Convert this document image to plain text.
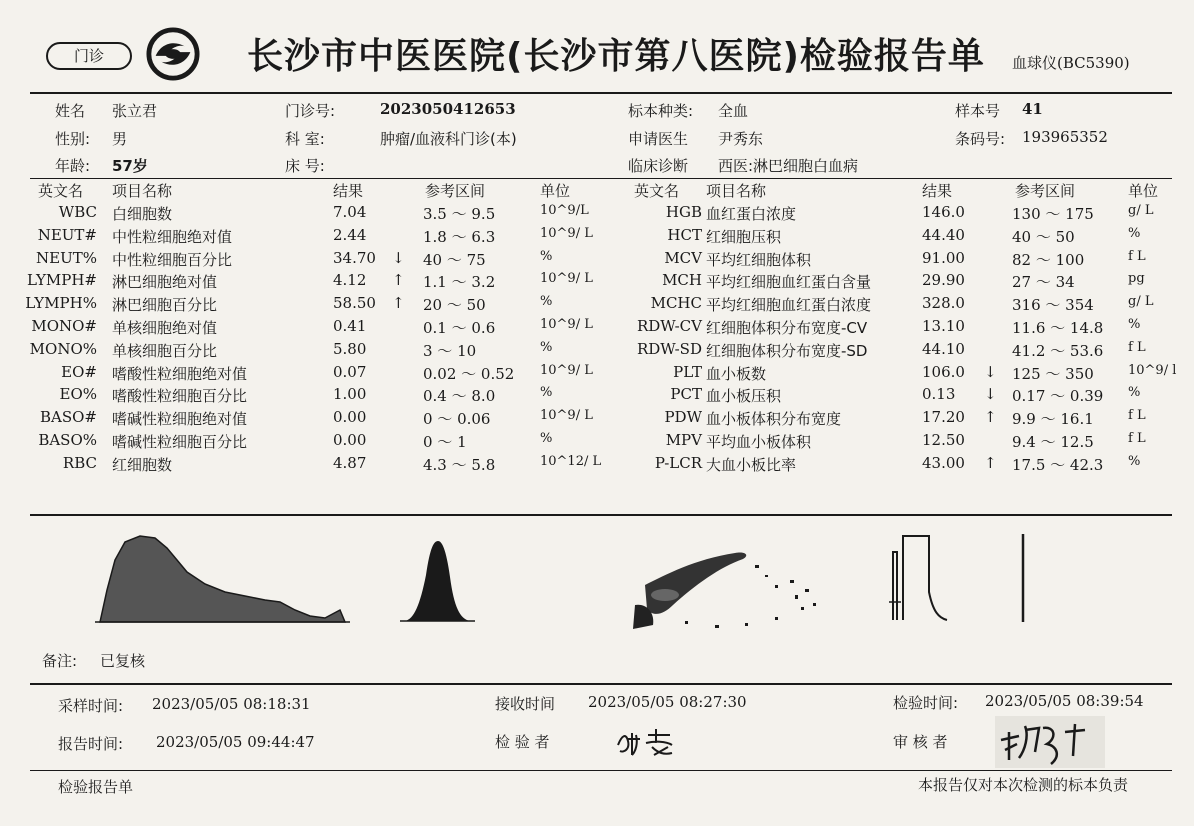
门诊	长沙市中医医院(长沙市第八医院)检验报告单 血球仪(BC5390)
姓名 张立君
性别: 男
年龄: 57岁
门诊号:	2023050412653
科 室:	肿瘤/血液科门诊(本)
床 号:
标本种类: 全血
申请医生 尹秀东
临床诊断 西医:淋巴细胞白血病
样本号 41
条码号: 193965352
英文名 项目名称	结果	参考区间	单位	英文名 项目名称	结果	参考区间	单位
WBC 白细胞数	7.04	3.5 ～ 9.5	10^9/L
NEUT# 中性粒细胞绝对值	2.44	1.8 ～ 6.3	10^9/ L
NEUT% 中性粒细胞百分比	34.70 ↓ 40 ～ 75	%
LYMPH# 淋巴细胞绝对值	4.12 ↑ 1.1 ～ 3.2	10^9/ L
LYMPH% 淋巴细胞百分比	58.50 ↑ 20 ～ 50	%
MONO# 单核细胞绝对值	0.41	0.1 ～ 0.6	10^9/ L
MONO% 单核细胞百分比	5.80	3 ～ 10	%
EO# 嗜酸性粒细胞绝对值	0.07	0.02 ～ 0.52 10^9/ L
EO% 嗜酸性粒细胞百分比	1.00	0.4 ～ 8.0	%
BASO# 嗜碱性粒细胞绝对值	0.00	0 ～ 0.06	10^9/ L
BASO% 嗜碱性粒细胞百分比	0.00	0 ～ 1	%
RBC 红细胞数	4.87	4.3 ～ 5.8	10^12/ L
HGB 血红蛋白浓度	146.0	130 ～ 175	g/ L
HCT 红细胞压积	44.40	40 ～ 50	%
MCV 平均红细胞体积	91.00	82 ～ 100	f L
MCH 平均红细胞血红蛋白含量	29.90	27 ～ 34	pg
MCHC 平均红细胞血红蛋白浓度	328.0	316 ～ 354	g/ L
RDW-CV 红细胞体积分布宽度-CV	13.10	11.6 ～ 14.8 %
RDW-SD 红细胞体积分布宽度-SD	44.10	41.2 ～ 53.6 f L
PLT 血小板数	106.0 ↓ 125 ～ 350	10^9/ l
PCT 血小板压积	0.13 ↓ 0.17 ～ 0.39 %
PDW 血小板体积分布宽度	17.20 ↑ 9.9 ～ 16.1	f L
MPV 平均血小板体积	12.50	9.4 ～ 12.5	f L
P-LCR 大血小板比率	43.00 ↑ 17.5 ～ 42.3 %
备注: 已复核
采样时间: 2023/05/05 08:18:31	接收时间 2023/05/05 08:27:30	检验时间: 2023/05/05 08:39:54
报告时间: 2023/05/05 09:44:47	检 验 者	审 核 者
检验报告单	本报告仅对本次检测的标本负责
